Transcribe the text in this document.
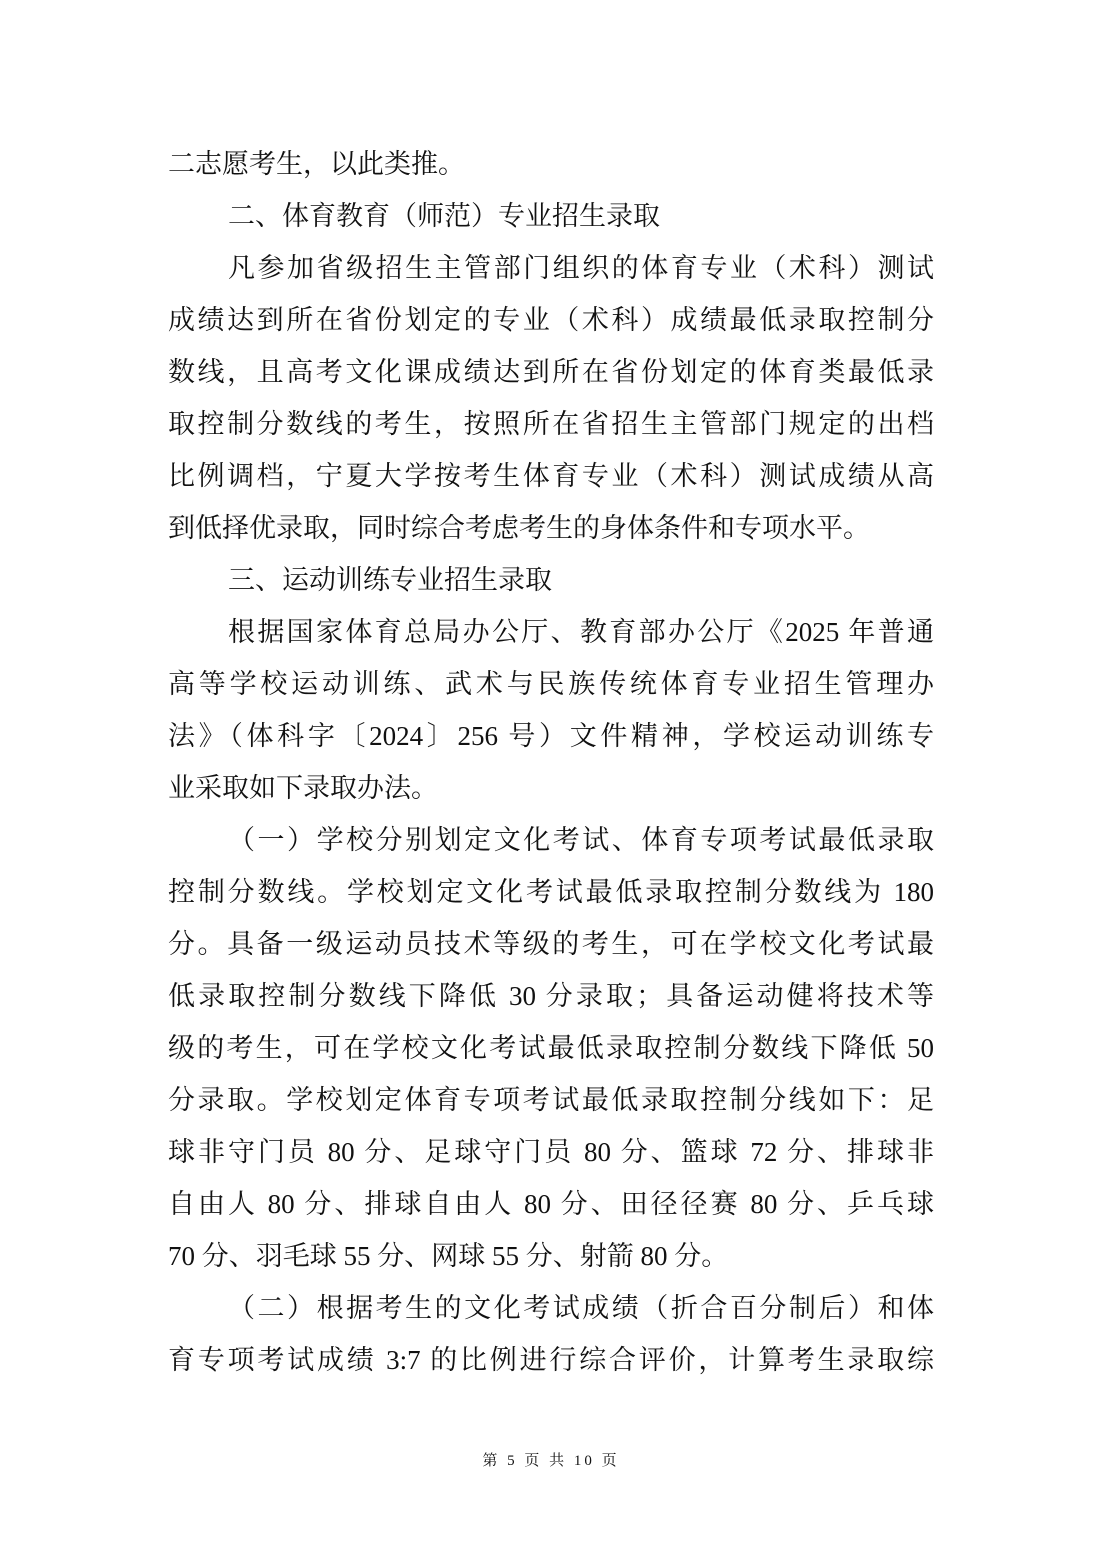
二志愿考生，以此类推。
二、体育教育（师范）专业招生录取
凡参加省级招生主管部门组织的体育专业（术科）测试
成绩达到所在省份划定的专业（术科）成绩最低录取控制分
数线，且高考文化课成绩达到所在省份划定的体育类最低录
取控制分数线的考生，按照所在省招生主管部门规定的出档
比例调档，宁夏大学按考生体育专业（术科）测试成绩从高
到低择优录取，同时综合考虑考生的身体条件和专项水平。
三、运动训练专业招生录取
根据国家体育总局办公厅、教育部办公厅《2025 年普通
高等学校运动训练、武术与民族传统体育专业招生管理办
法》（体科字〔2024〕256 号）文件精神，学校运动训练专
业采取如下录取办法。
（一）学校分别划定文化考试、体育专项考试最低录取
控制分数线。学校划定文化考试最低录取控制分数线为 180
分。具备一级运动员技术等级的考生，可在学校文化考试最
低录取控制分数线下降低 30 分录取；具备运动健将技术等
级的考生，可在学校文化考试最低录取控制分数线下降低 50
分录取。学校划定体育专项考试最低录取控制分线如下：足
球非守门员 80 分、足球守门员 80 分、篮球 72 分、排球非
自由人 80 分、排球自由人 80 分、田径径赛 80 分、乒乓球
70 分、羽毛球 55 分、网球 55 分、射箭 80 分。
（二）根据考生的文化考试成绩（折合百分制后）和体
育专项考试成绩 3:7 的比例进行综合评价，计算考生录取综
第 5 页 共 10 页
